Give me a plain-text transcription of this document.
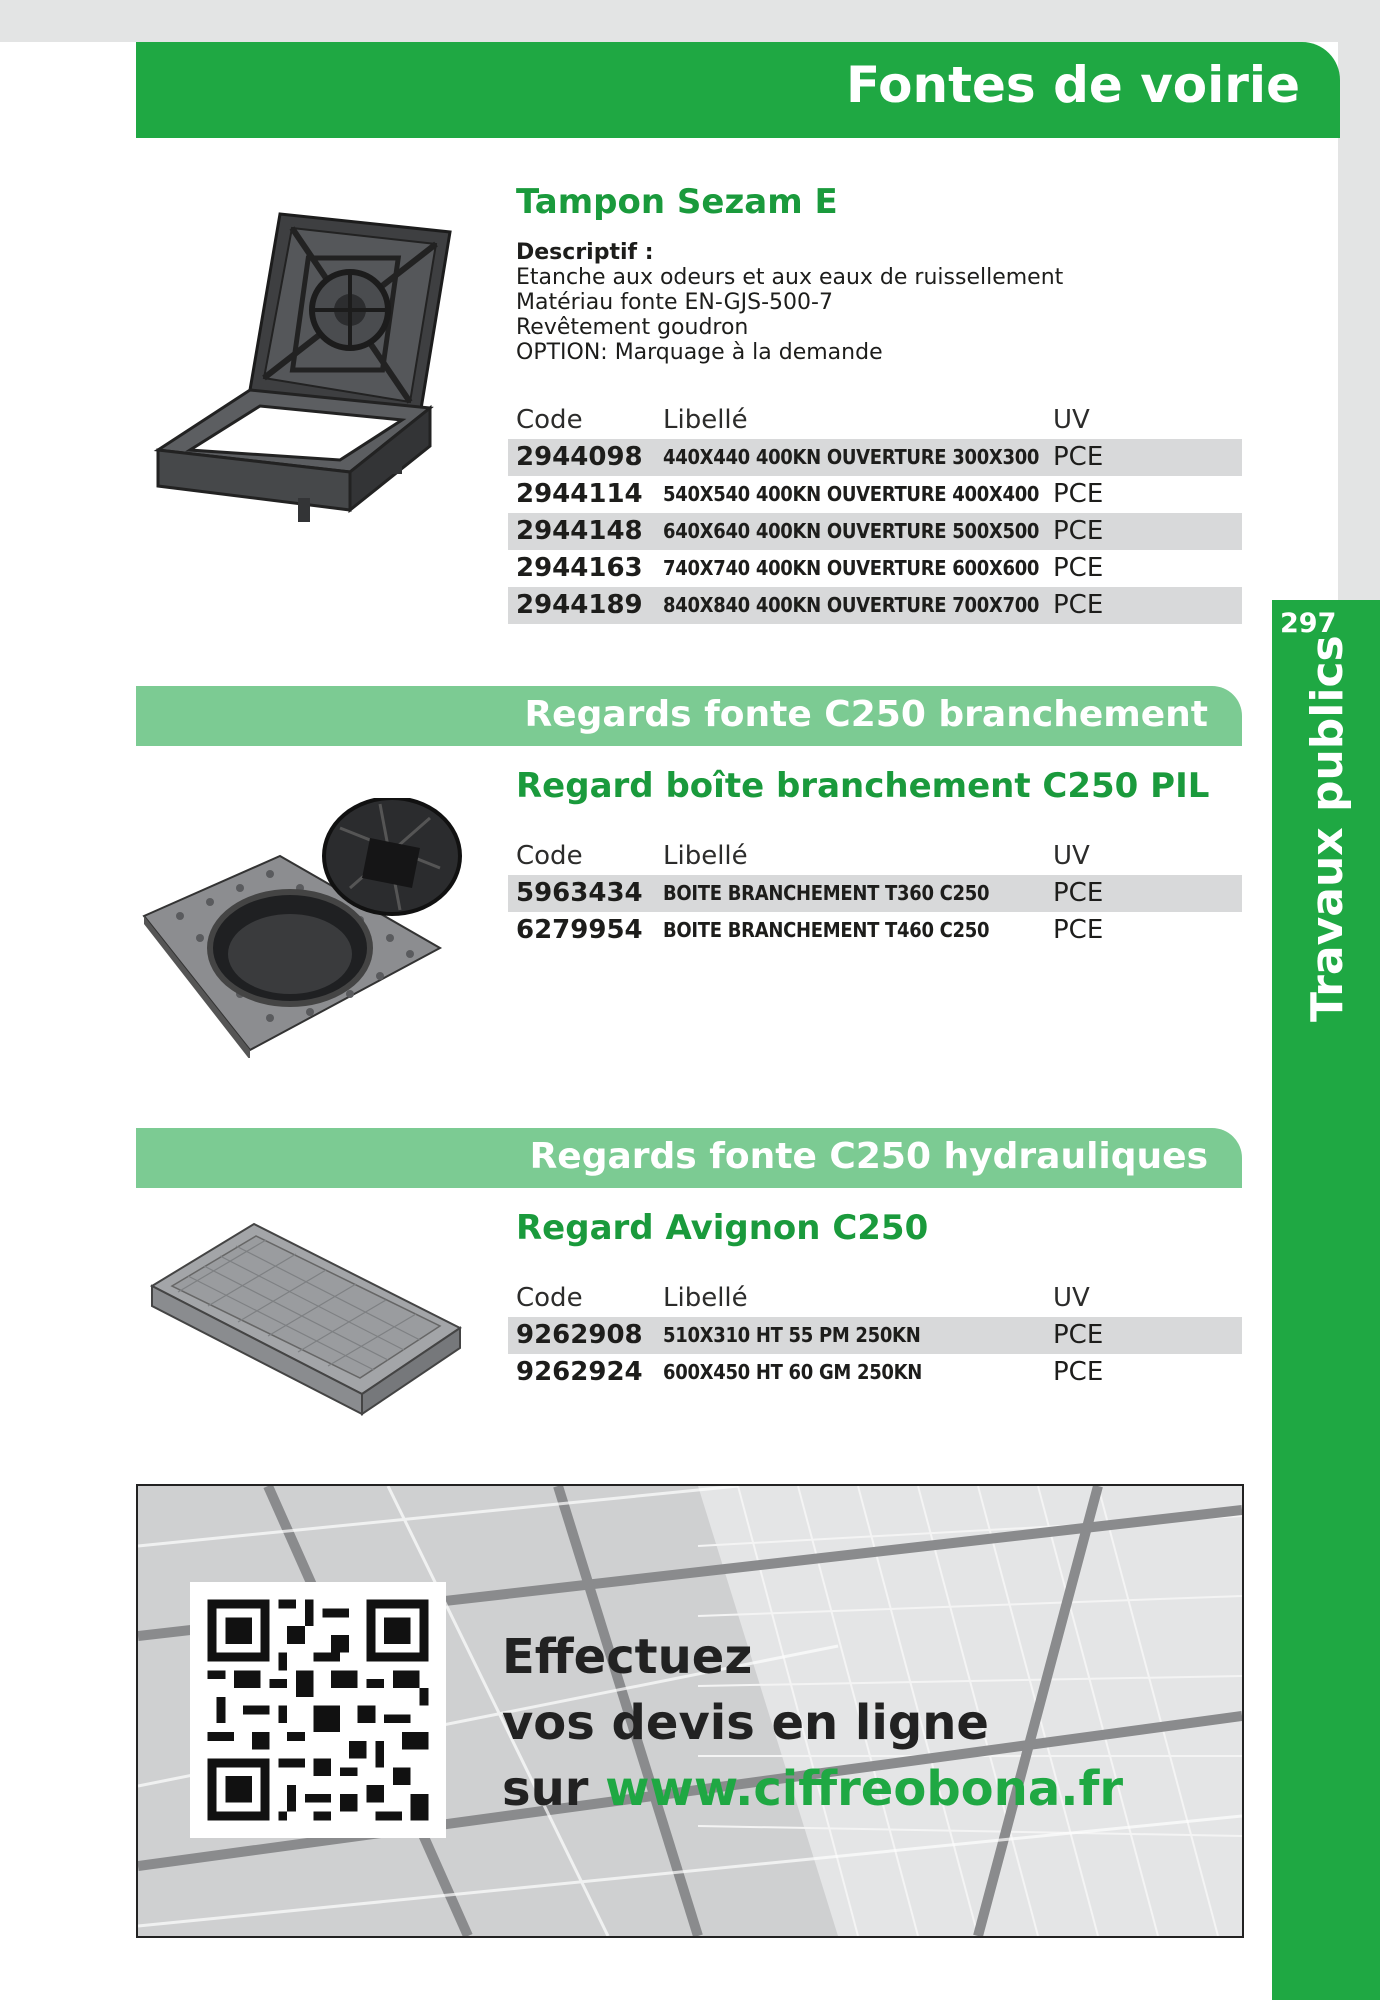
Fontes de voirie
297
Travaux publics
Tampon Sezam E
Descriptif :
Etanche aux odeurs et aux eaux de ruissellement
Matériau fonte EN-GJS-500-7
Revêtement goudron
OPTION: Marquage à la demande
Code	Libellé	UV
2944098 440X440 400KN OUVERTURE 300X300 PCE
2944114 540X540 400KN OUVERTURE 400X400 PCE
2944148 640X640 400KN OUVERTURE 500X500 PCE
2944163 740X740 400KN OUVERTURE 600X600 PCE
2944189 840X840 400KN OUVERTURE 700X700 PCE
Regards fonte C250 branchement
Regard boîte branchement C250 PIL
Code	Libellé	UV
5963434 BOITE BRANCHEMENT T360 C250 PCE
6279954 BOITE BRANCHEMENT T460 C250 PCE
Regards fonte C250 hydrauliques
Regard Avignon C250
Code	Libellé	UV
9262908 510X310 HT 55 PM 250KN	PCE
9262924 600X450 HT 60 GM 250KN	PCE
Effectuez
vos devis en ligne
sur www.ciffreobona.fr
